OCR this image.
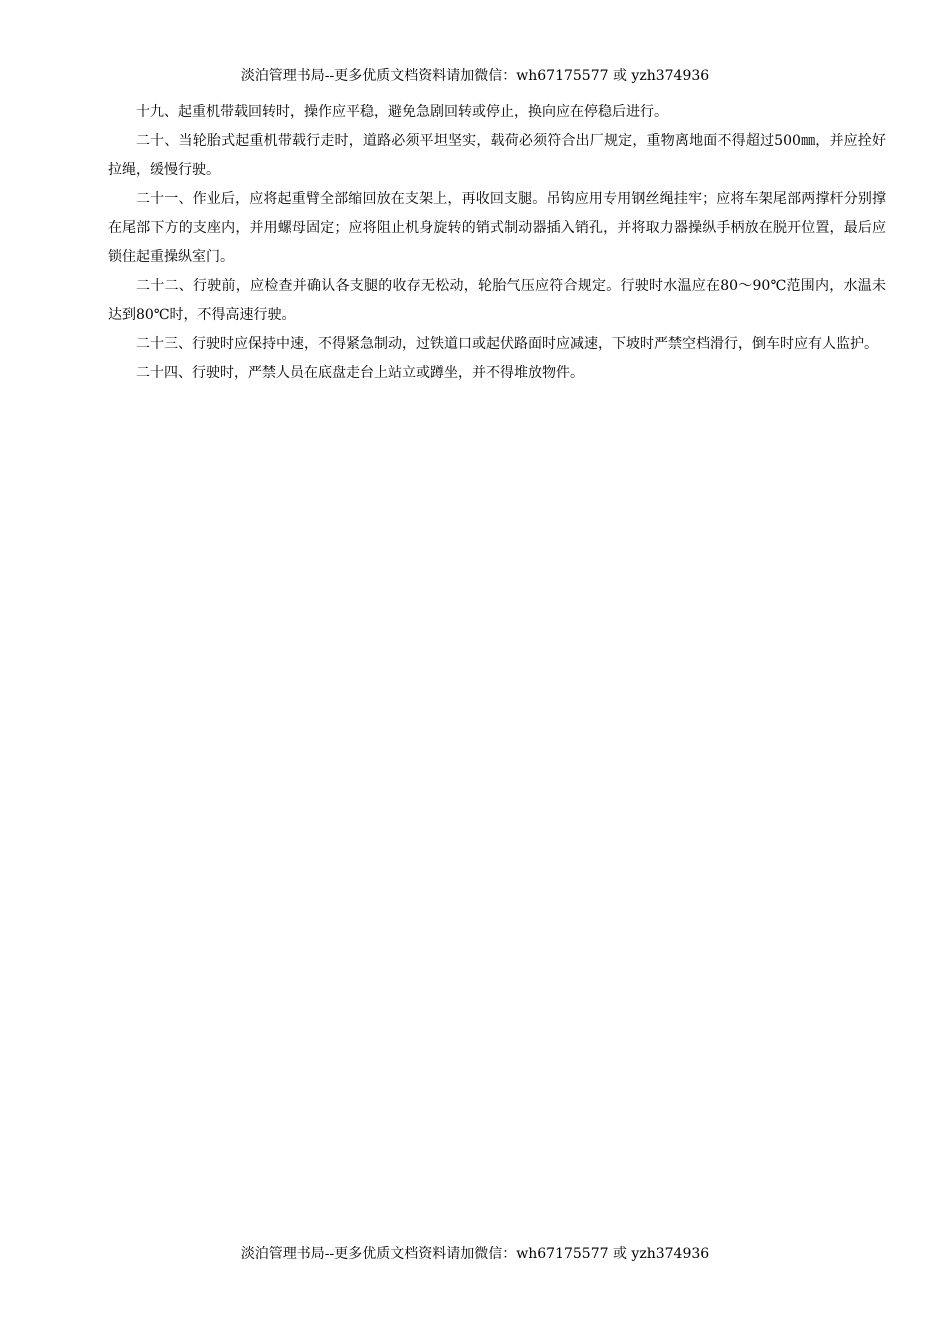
淡泊管理书局--更多优质文档资料请加微信：wh67175577 或 yzh374936

十九、起重机带载回转时，操作应平稳，避免急剧回转或停止，换向应在停稳后进行。

二十、当轮胎式起重机带载行走时，道路必须平坦坚实，载荷必须符合出厂规定，重物离地面不得超过500㎜，并应拴好拉绳，缓慢行驶。

二十一、作业后，应将起重臂全部缩回放在支架上，再收回支腿。吊钩应用专用钢丝绳挂牢；应将车架尾部两撑杆分别撑在尾部下方的支座内，并用螺母固定；应将阻止机身旋转的销式制动器插入销孔，并将取力器操纵手柄放在脱开位置，最后应锁住起重操纵室门。

二十二、行驶前，应检查并确认各支腿的收存无松动，轮胎气压应符合规定。行驶时水温应在80～90℃范围内，水温未达到80℃时，不得高速行驶。

二十三、行驶时应保持中速，不得紧急制动，过铁道口或起伏路面时应减速，下坡时严禁空档滑行，倒车时应有人监护。

二十四、行驶时，严禁人员在底盘走台上站立或蹲坐，并不得堆放物件。

淡泊管理书局--更多优质文档资料请加微信：wh67175577 或 yzh374936
